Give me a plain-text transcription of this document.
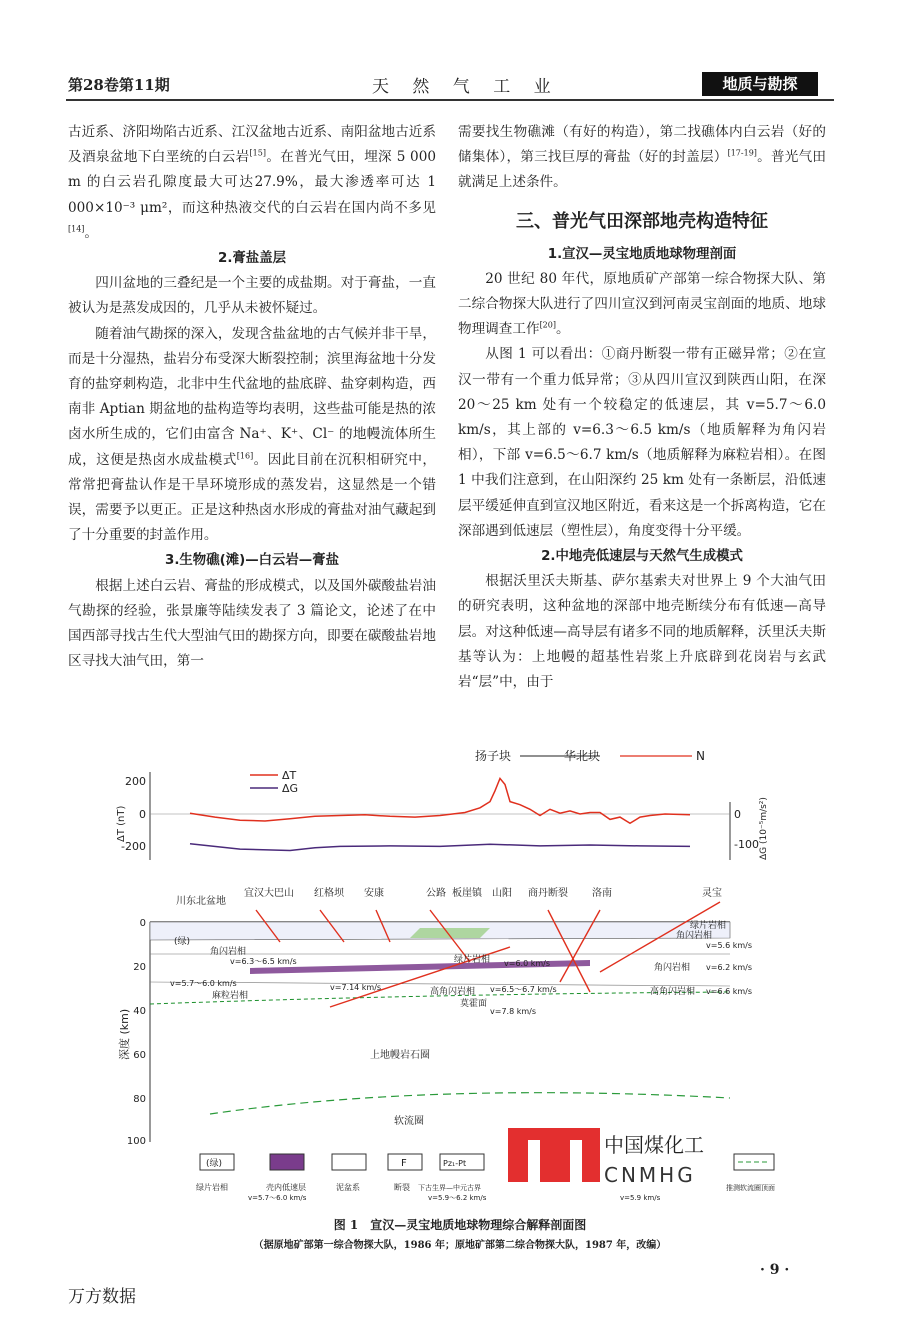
第28卷第11期	天 然 气 工 业	地质与勘探

古近系、济阳坳陷古近系、江汉盆地古近系、南阳盆地古近系及酒泉盆地下白垩统的白云岩[15]。在普光气田，埋深 5 000 m 的白云岩孔隙度最大可达27.9%，最大渗透率可达 1 000×10⁻³ μm²，而这种热液交代的白云岩在国内尚不多见[14]。

2.膏盐盖层

四川盆地的三叠纪是一个主要的成盐期。对于膏盐，一直被认为是蒸发成因的，几乎从未被怀疑过。

随着油气勘探的深入，发现含盐盆地的古气候并非干旱，而是十分湿热，盐岩分布受深大断裂控制；滨里海盆地十分发育的盐穿刺构造，北非中生代盆地的盐底辟、盐穿刺构造，西南非 Aptian 期盆地的盐构造等均表明，这些盐可能是热的浓卤水所生成的，它们由富含 Na⁺、K⁺、Cl⁻ 的地幔流体所生成，这便是热卤水成盐模式[16]。因此目前在沉积相研究中，常常把膏盐认作是干旱环境形成的蒸发岩，这显然是一个错误，需要予以更正。正是这种热卤水形成的膏盐对油气藏起到了十分重要的封盖作用。

3.生物礁(滩)—白云岩—膏盐

根据上述白云岩、膏盐的形成模式，以及国外碳酸盐岩油气勘探的经验，张景廉等陆续发表了 3 篇论文，论述了在中国西部寻找古生代大型油气田的勘探方向，即要在碳酸盐岩地区寻找大油气田，第一

需要找生物礁滩（有好的构造），第二找礁体内白云岩（好的储集体），第三找巨厚的膏盐（好的封盖层）[17-19]。普光气田就满足上述条件。

三、普光气田深部地壳构造特征

1.宣汉—灵宝地质地球物理剖面

20 世纪 80 年代，原地质矿产部第一综合物探大队、第二综合物探大队进行了四川宣汉到河南灵宝剖面的地质、地球物理调查工作[20]。

从图 1 可以看出：①商丹断裂一带有正磁异常；②在宣汉一带有一个重力低异常；③从四川宣汉到陕西山阳，在深 20～25 km 处有一个较稳定的低速层，其 v=5.7～6.0 km/s，其上部的 v=6.3～6.5 km/s（地质解释为角闪岩相），下部 v=6.5～6.7 km/s（地质解释为麻粒岩相）。在图 1 中我们注意到，在山阳深约 25 km 处有一条断层，沿低速层平缓延伸直到宣汉地区附近，看来这是一个拆离构造，它在深部遇到低速层（塑性层），角度变得十分平缓。

2.中地壳低速层与天然气生成模式

根据沃里沃夫斯基、萨尔基索夫对世界上 9 个大油气田的研究表明，这种盆地的深部中地壳断续分布有低速—高导层。对这种低速—高导层有诸多不同的地质解释，沃里沃夫斯基等认为：上地幔的超基性岩浆上升底辟到花岗岩与玄武岩“层”中，由于

扬子块	华北块	N
200
0
-200
0
-100
ΔT (nT)	ΔG (10⁻⁵m/s²)
ΔT
ΔG
川东北盆地
宜汉 大巴山 红格坝 安康	公路 板崖镇 山阳 商丹断裂 洛南	灵宝
深度 (km)
0
20
40
60
80
100
(绿)	v=5.6 km/s
v=6.2 km/s
v=6.6 km/s
v=6.3～6.5 km/s
v=5.7～6.0 km/s	v=7.14 km/s
v=6.0 km/s
v=6.5～6.7 km/s
v=7.8 km/s
角闪岩相
角闪岩相
角闪岩相
麻粒岩相	高角闪岩相	高角闪岩相
绿片岩相
绿片岩相
莫霍面
上地幔岩石圈
软流圈
(绿)
绿片岩相	壳内低速层
v=5.7～6.0 km/s
泥盆系
F
断裂
Pz₁-Pt
下古生界—中元古界
v=5.9～6.2 km/s	v=5.9 km/s
推测软流圈顶面
中国煤化工
CNMHG
图 1　宣汉—灵宝地质地球物理综合解释剖面图
（据原地矿部第一综合物探大队，1986 年；原地矿部第二综合物探大队，1987 年，改编）
· 9 ·
万方数据
